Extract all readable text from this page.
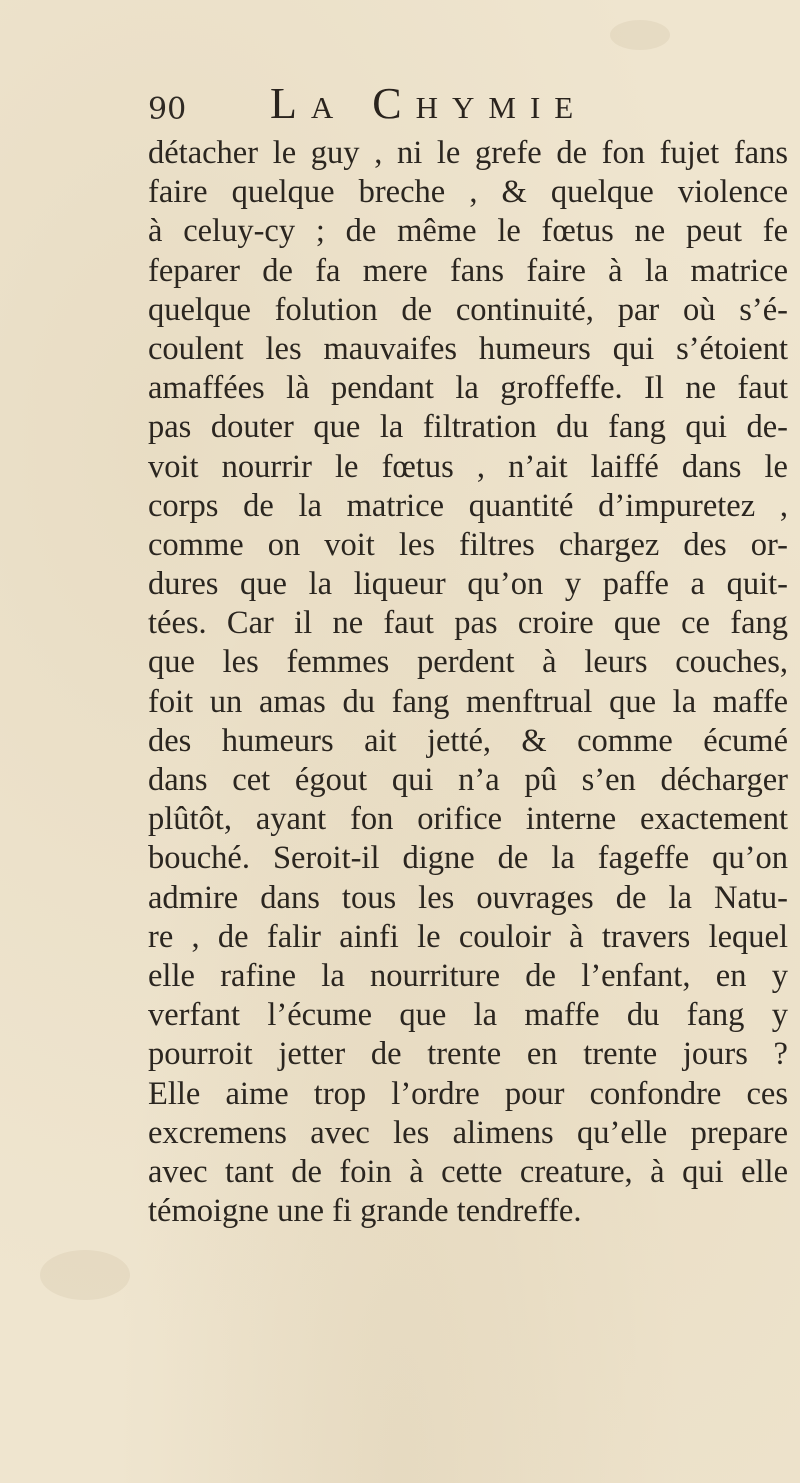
90 La Chymie
détacher le guy , ni le grefe de fon fujet fans
faire quelque breche , & quelque violence
à celuy-cy ; de même le fœtus ne peut fe
feparer de fa mere fans faire à la matrice
quelque folution de continuité, par où s’é-
coulent les mauvaifes humeurs qui s’étoient
amaffées là pendant la groffeffe. Il ne faut
pas douter que la filtration du fang qui de-
voit nourrir le fœtus , n’ait laiffé dans le
corps de la matrice quantité d’impuretez ,
comme on voit les filtres chargez des or-
dures que la liqueur qu’on y paffe a quit-
tées. Car il ne faut pas croire que ce fang
que les femmes perdent à leurs couches,
foit un amas du fang menftrual que la maffe
des humeurs ait jetté, & comme écumé
dans cet égout qui n’a pû s’en décharger
plûtôt, ayant fon orifice interne exactement
bouché. Seroit-il digne de la fageffe qu’on
admire dans tous les ouvrages de la Natu-
re , de falir ainfi le couloir à travers lequel
elle rafine la nourriture de l’enfant, en y
verfant l’écume que la maffe du fang y
pourroit jetter de trente en trente jours ?
Elle aime trop l’ordre pour confondre ces
excremens avec les alimens qu’elle prepare
avec tant de foin à cette creature, à qui elle
témoigne une fi grande tendreffe.
